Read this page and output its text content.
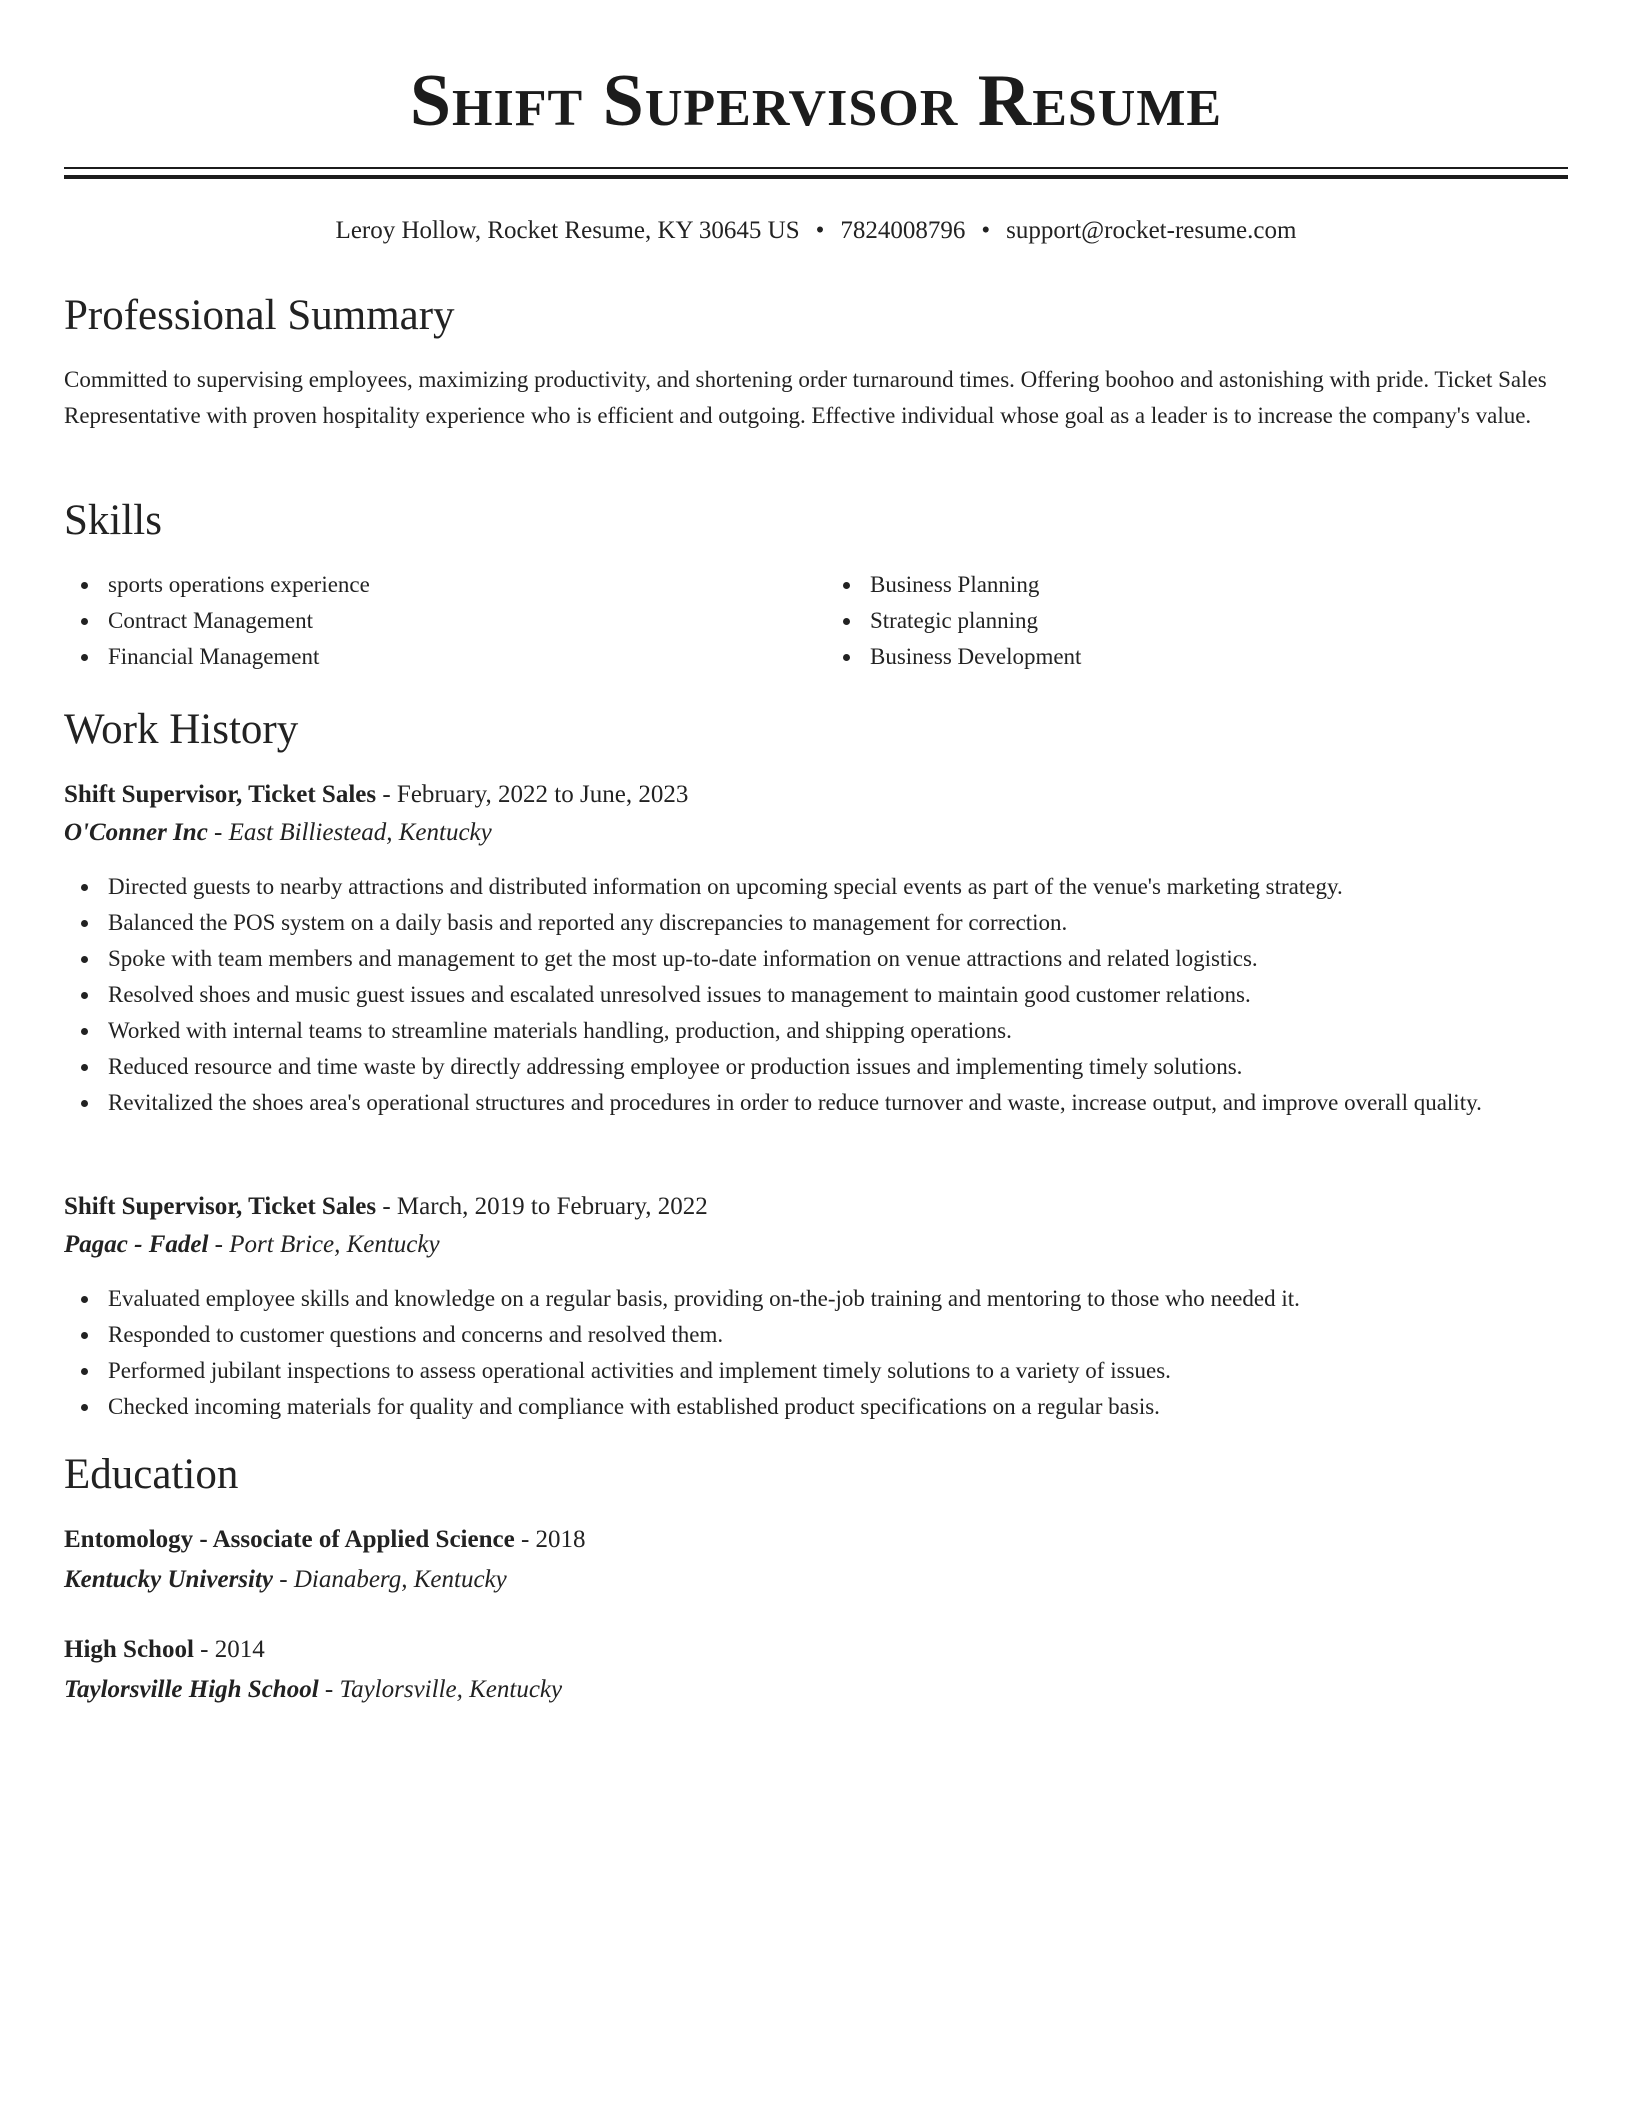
Shift Supervisor Resume
Leroy Hollow, Rocket Resume, KY 30645 US • 7824008796 • support@rocket-resume.com
Professional Summary

Committed to supervising employees, maximizing productivity, and shortening order turnaround times. Offering boohoo and astonishing with pride. Ticket Sales Representative with proven hospitality experience who is efficient and outgoing. Effective individual whose goal as a leader is to increase the company's value.

Skills
sports operations experience	Business Planning
Contract Management	Strategic planning
Financial Management	Business Development
Work History
Shift Supervisor, Ticket Sales - February, 2022 to June, 2023
O'Conner Inc - East Billiestead, Kentucky
Directed guests to nearby attractions and distributed information on upcoming special events as part of the venue's marketing strategy.
Balanced the POS system on a daily basis and reported any discrepancies to management for correction.
Spoke with team members and management to get the most up-to-date information on venue attractions and related logistics.
Resolved shoes and music guest issues and escalated unresolved issues to management to maintain good customer relations.
Worked with internal teams to streamline materials handling, production, and shipping operations.
Reduced resource and time waste by directly addressing employee or production issues and implementing timely solutions.
Revitalized the shoes area's operational structures and procedures in order to reduce turnover and waste, increase output, and improve overall quality.
Shift Supervisor, Ticket Sales - March, 2019 to February, 2022
Pagac - Fadel - Port Brice, Kentucky
Evaluated employee skills and knowledge on a regular basis, providing on-the-job training and mentoring to those who needed it.
Responded to customer questions and concerns and resolved them.
Performed jubilant inspections to assess operational activities and implement timely solutions to a variety of issues.
Checked incoming materials for quality and compliance with established product specifications on a regular basis.
Education
Entomology - Associate of Applied Science - 2018
Kentucky University - Dianaberg, Kentucky
High School - 2014
Taylorsville High School - Taylorsville, Kentucky
